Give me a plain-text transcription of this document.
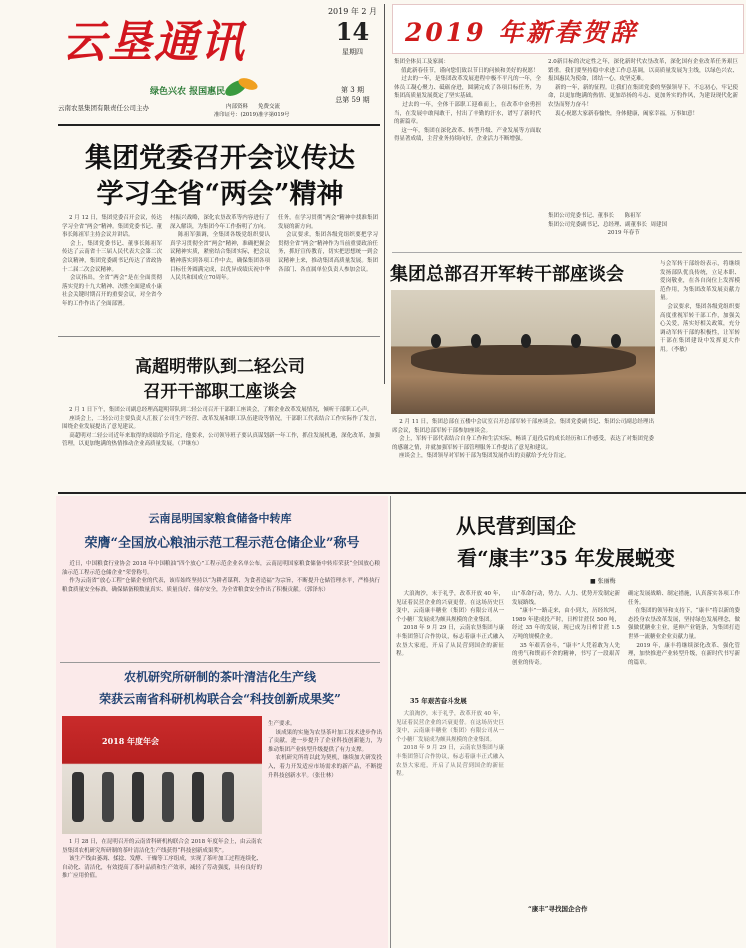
云垦通讯
绿色兴农 报国惠民
云南农垦集团有限责任公司主办	内部资料 免费交流
准印证号：(2019)准字第019号
2019 年 2 月
14
星期四
第 3 期
总第 59 期
2019 年新春贺辞
集团全体员工及家属：
值此新春佳节，谨向您们致以节日的问候和美好的祝愿！
过去的一年，是集团改革发展进程中极不平凡的一年，全体员工凝心聚力、砥砺奋进，圆满完成了各项目标任务，为集团高质量发展奠定了坚实基础。
过去的一年，全体干部职工迎难而上，在改革中奋勇担当，在发展中敢闯敢干，付出了辛勤的汗水，谱写了新时代的新篇章。
这一年，集团在深化改革、转型升级、产业发展等方面取得显著成绩，主营业务持续向好，企业活力不断增强。
2.0新目标的决定性之年，深化新时代农垦改革，深化国有企业改革任务艰巨繁重。我们要坚持稳中求进工作总基调，以高质量发展为主线，以绿色兴农、报国惠民为使命，团结一心，攻坚克难。
新的一年，新的征程。让我们在集团党委的坚强领导下，不忘初心，牢记使命，以更加饱满的热情、更加昂扬的斗志、更加务实的作风，为建设现代化新农垦而努力奋斗！
衷心祝愿大家新春愉快，身体健康，阖家幸福，万事如意！
集团公司党委书记、董事长      陈祖军
集团公司党委副书记、总经理、副董事长  周建国
2019 年春节
集团党委召开会议传达
学习全省“两会”精神
2 月 12 日，集团党委召开会议，传达学习全省“两会”精神。集团党委书记、董事长陈祖军主持会议并讲话。
会上，集团党委书记、董事长陈祖军传达了云南省十三届人民代表大会第二次会议精神，集团党委副书记传达了省政协十二届二次会议精神。
会议指出，全省“两会”是在全面贯彻落实党的十九大精神、决胜全面建成小康社会关键时期召开的重要会议，对全省今年的工作作出了全面部署。
村振兴战略，深化农垦改革等内容进行了深入解读，为集团今年工作指明了方向。
陈祖军强调，全集团各级党组织要认真学习贯彻全省“两会”精神，准确把握会议精神实质，紧密结合集团实际，把会议精神落实到各项工作中去，确保集团各项目标任务圆满完成，以优异成绩庆祝中华人民共和国成立70周年。
任务，在学习贯彻“两会”精神中找准集团发展的新方向。
会议要求，集团各级党组织要把学习贯彻全省“两会”精神作为当前重要政治任务，抓好宣传教育，切实把思想统一到会议精神上来，推动集团高质量发展。集团各部门、各直属单位负责人参加会议。
高超明带队到二轻公司
召开干部职工座谈会
2 月 1 日下午，集团公司副总经理高超明带队到二轻公司召开干部职工座谈会，了解企业改革发展情况，倾听干部职工心声。
座谈会上，二轻公司主要负责人汇报了公司生产经营、改革发展和职工队伍建设等情况，干部职工代表结合工作实际作了发言，围绕企业发展提出了意见建议。
高超明对二轻公司近年来取得的成绩给予肯定，他要求，公司领导班子要认真谋划新一年工作，抓住发展机遇，深化改革，加强管理，以更加饱满的热情推动企业高质量发展。（尹继东）
集团总部召开军转干部座谈会
2 月 11 日，集团总部在五楼中会议室召开总部军转干部座谈会。集团党委副书记、集团公司副总经理出席会议，集团总部军转干部参加座谈会。
会上，军转干部代表结合自身工作和生活实际，畅谈了退役后的成长经历和工作感受，表达了对集团党委的感谢之情，并就加强军转干部管理服务工作提出了意见和建议。
座谈会上，集团领导对军转干部为集团发展作出的贡献给予充分肯定。
与会军转干部纷纷表示，将继续发扬部队优良传统，立足本职、爱岗敬业，在各自岗位上发挥模范作用，为集团改革发展贡献力量。
会议要求，集团各级党组织要高度重视军转干部工作，加强关心关爱，落实好相关政策，充分调动军转干部的积极性，让军转干部在集团建设中发挥更大作用。（李敏）
云南昆明国家粮食储备中转库
荣膺“全国放心粮油示范工程示范仓储企业”称号
近日，中国粮食行业协会 2018 年中国粮油“四个放心”工程示范企业名单公布，云南昆明国家粮食储备中转库荣获“全国放心粮油示范工程示范仓储企业”荣誉称号。
作为云南省“放心工程”仓储企业的代表，该库始终坚持以“为耕者谋利、为食者造福”为宗旨，不断提升仓储管理水平，严格执行粮食质量安全标准，确保储备粮数量真实、质量良好、储存安全，为全省粮食安全作出了积极贡献。（郭泽东）
农机研究所研制的茶叶清洁化生产线
荣获云南省科研机构联合会“科技创新成果奖”
2018 年度年会
1 月 28 日，在昆明召开的云南省科研机构联合会 2018 年度年会上，由云南农垦集团农机研究所研制的茶叶清洁化生产线获得“科技创新成果奖”。
该生产线由萎凋、揉捻、发酵、干燥等工序组成，实现了茶叶加工过程连续化、自动化、清洁化，有效提高了茶叶品质和生产效率，减轻了劳动强度，具有良好的推广应用价值。
生产要求。
该成果的实施为农垦茶叶加工技术进步作出了贡献，进一步提升了企业科技创新能力，为推动集团产业转型升级提供了有力支撑。
农机研究所将以此为契机，继续加大研发投入，着力开发适应市场需求的新产品，不断提升科技创新水平。（张仕林）
从民营到国企
看“康丰”35 年发展蜕变
■ 张丽梅
大浪淘沙，末于礼乎，改革开放 40 年，见证着民营企业的兴衰更替。在这场历史巨变中，云南康丰糖业（集团）有限公司从一个小糖厂发展成为颇具规模的企业集团。
2018 年 9 月 29 日，云南农垦集团与康丰集团签订合作协议，标志着康丰正式融入农垦大家庭，开启了从民营到国企的新征程。
35 年艰苦奋斗发展
大浪淘沙，末于礼乎，改革开放 40 年，见证着民营企业的兴衰更替。在这场历史巨变中，云南康丰糖业（集团）有限公司从一个小糖厂发展成为颇具规模的企业集团。
2018 年 9 月 29 日，云南农垦集团与康丰集团签订合作协议，标志着康丰正式融入农垦大家庭，开启了从民营到国企的新征程。
山”革命行动，势力、人力、优势开发制定新发展路线。
“康丰”一路走来，由小到大，历经坎坷，1989 年建成投产时，日榨甘蔗仅 500 吨，经过 35 年的发展，现已成为日榨甘蔗 1.5 万吨的规模企业。
35 年艰苦奋斗，“康丰”人凭着敢为人先的勇气和锲而不舍的精神，书写了一段艰苦创业的传奇。
“康丰”寻找国企合作
确定发展战略、制定措施，认真落实各项工作任务。
在集团的领导和支持下，“康丰”将以新的姿态投身农垦改革发展，坚持绿色发展理念，做强做优糖业主业，延伸产业链条，为集团打造世界一流糖业企业贡献力量。
2019 年，康丰将继续深化改革、强化管理，加快推进产业转型升级，在新时代书写新的篇章。
